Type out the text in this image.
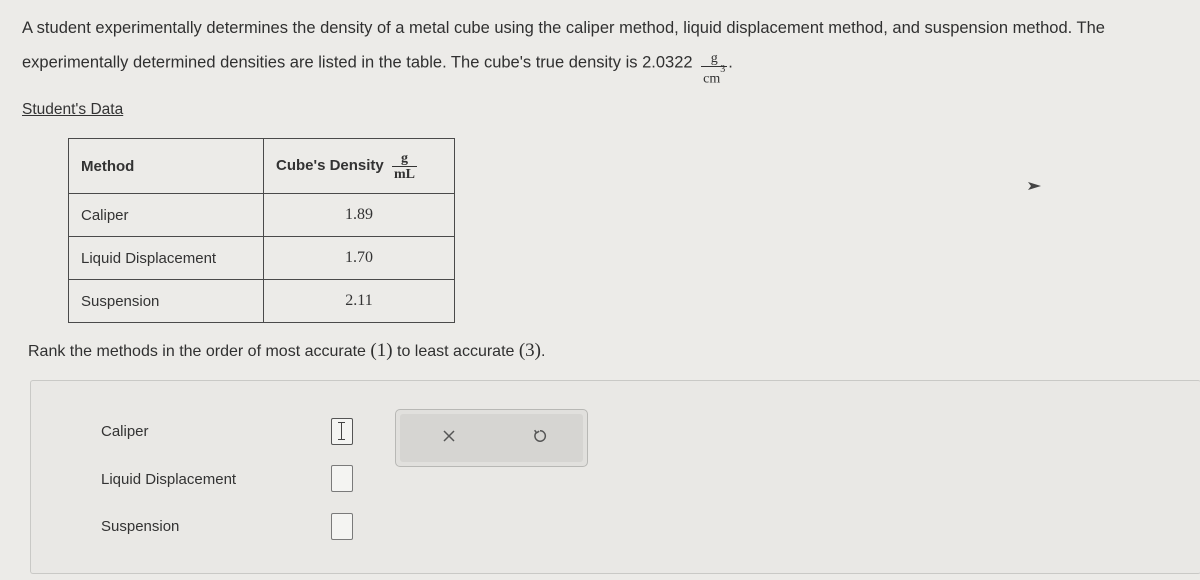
A student experimentally determines the density of a metal cube using the caliper method, liquid displacement method, and suspension method. The experimentally determined densities are listed in the table. The cube's true density is $2.0322 \frac{g}{cm^3}$ .
Student's Data
Method	Cube's Density $\frac{g}{mL}$

Caliper	1.89
Liquid Displacement	1.70
Suspension	2.11
Rank the methods in the order of most accurate (1) to least accurate (3).
Caliper
Liquid Displacement
Suspension
